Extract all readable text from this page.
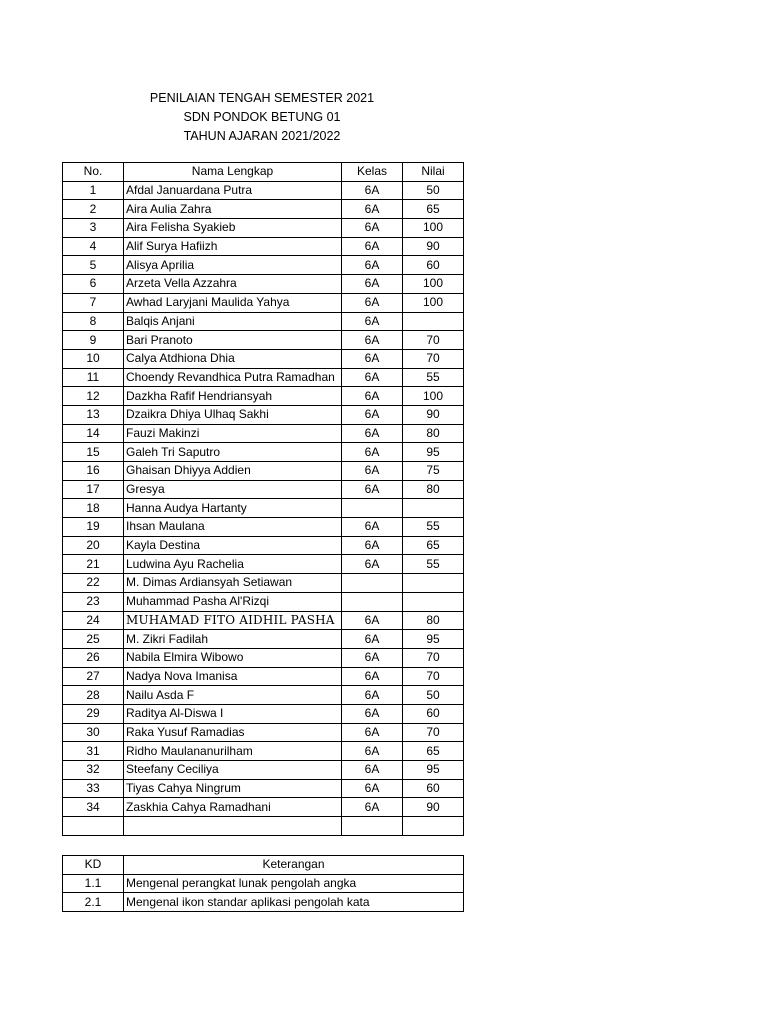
PENILAIAN TENGAH SEMESTER 2021
SDN PONDOK BETUNG 01
TAHUN AJARAN 2021/2022
No.	Nama Lengkap	Kelas	Nilai
1	Afdal Januardana Putra	6A	50
2	Aira Aulia Zahra	6A	65
3	Aira Felisha Syakieb	6A	100
4	Alif Surya Hafiizh	6A	90
5	Alisya Aprilia	6A	60
6	Arzeta Vella Azzahra	6A	100
7	Awhad Laryjani Maulida Yahya	6A	100
8	Balqis Anjani	6A	
9	Bari Pranoto	6A	70
10	Calya Atdhiona Dhia	6A	70
11	Choendy Revandhica Putra Ramadhan	6A	55
12	Dazkha Rafif Hendriansyah	6A	100
13	Dzaikra Dhiya Ulhaq Sakhi	6A	90
14	Fauzi Makinzi	6A	80
15	Galeh Tri Saputro	6A	95
16	Ghaisan Dhiyya Addien	6A	75
17	Gresya	6A	80
18	Hanna Audya Hartanty		
19	Ihsan Maulana	6A	55
20	Kayla Destina	6A	65
21	Ludwina Ayu Rachelia	6A	55
22	M. Dimas Ardiansyah Setiawan		
23	Muhammad Pasha Al'Rizqi		
24	MUHAMAD FITO AIDHIL PASHA	6A	80
25	M. Zikri Fadilah	6A	95
26	Nabila Elmira Wibowo	6A	70
27	Nadya Nova Imanisa	6A	70
28	Nailu Asda F	6A	50
29	Raditya Al-Diswa I	6A	60
30	Raka Yusuf Ramadias	6A	70
31	Ridho Maulananurilham	6A	65
32	Steefany Ceciliya	6A	95
33	Tiyas Cahya Ningrum	6A	60
34	Zaskhia Cahya Ramadhani	6A	90

KD	Keterangan
1.1	Mengenal perangkat lunak pengolah angka
2.1	Mengenal ikon standar aplikasi pengolah kata
